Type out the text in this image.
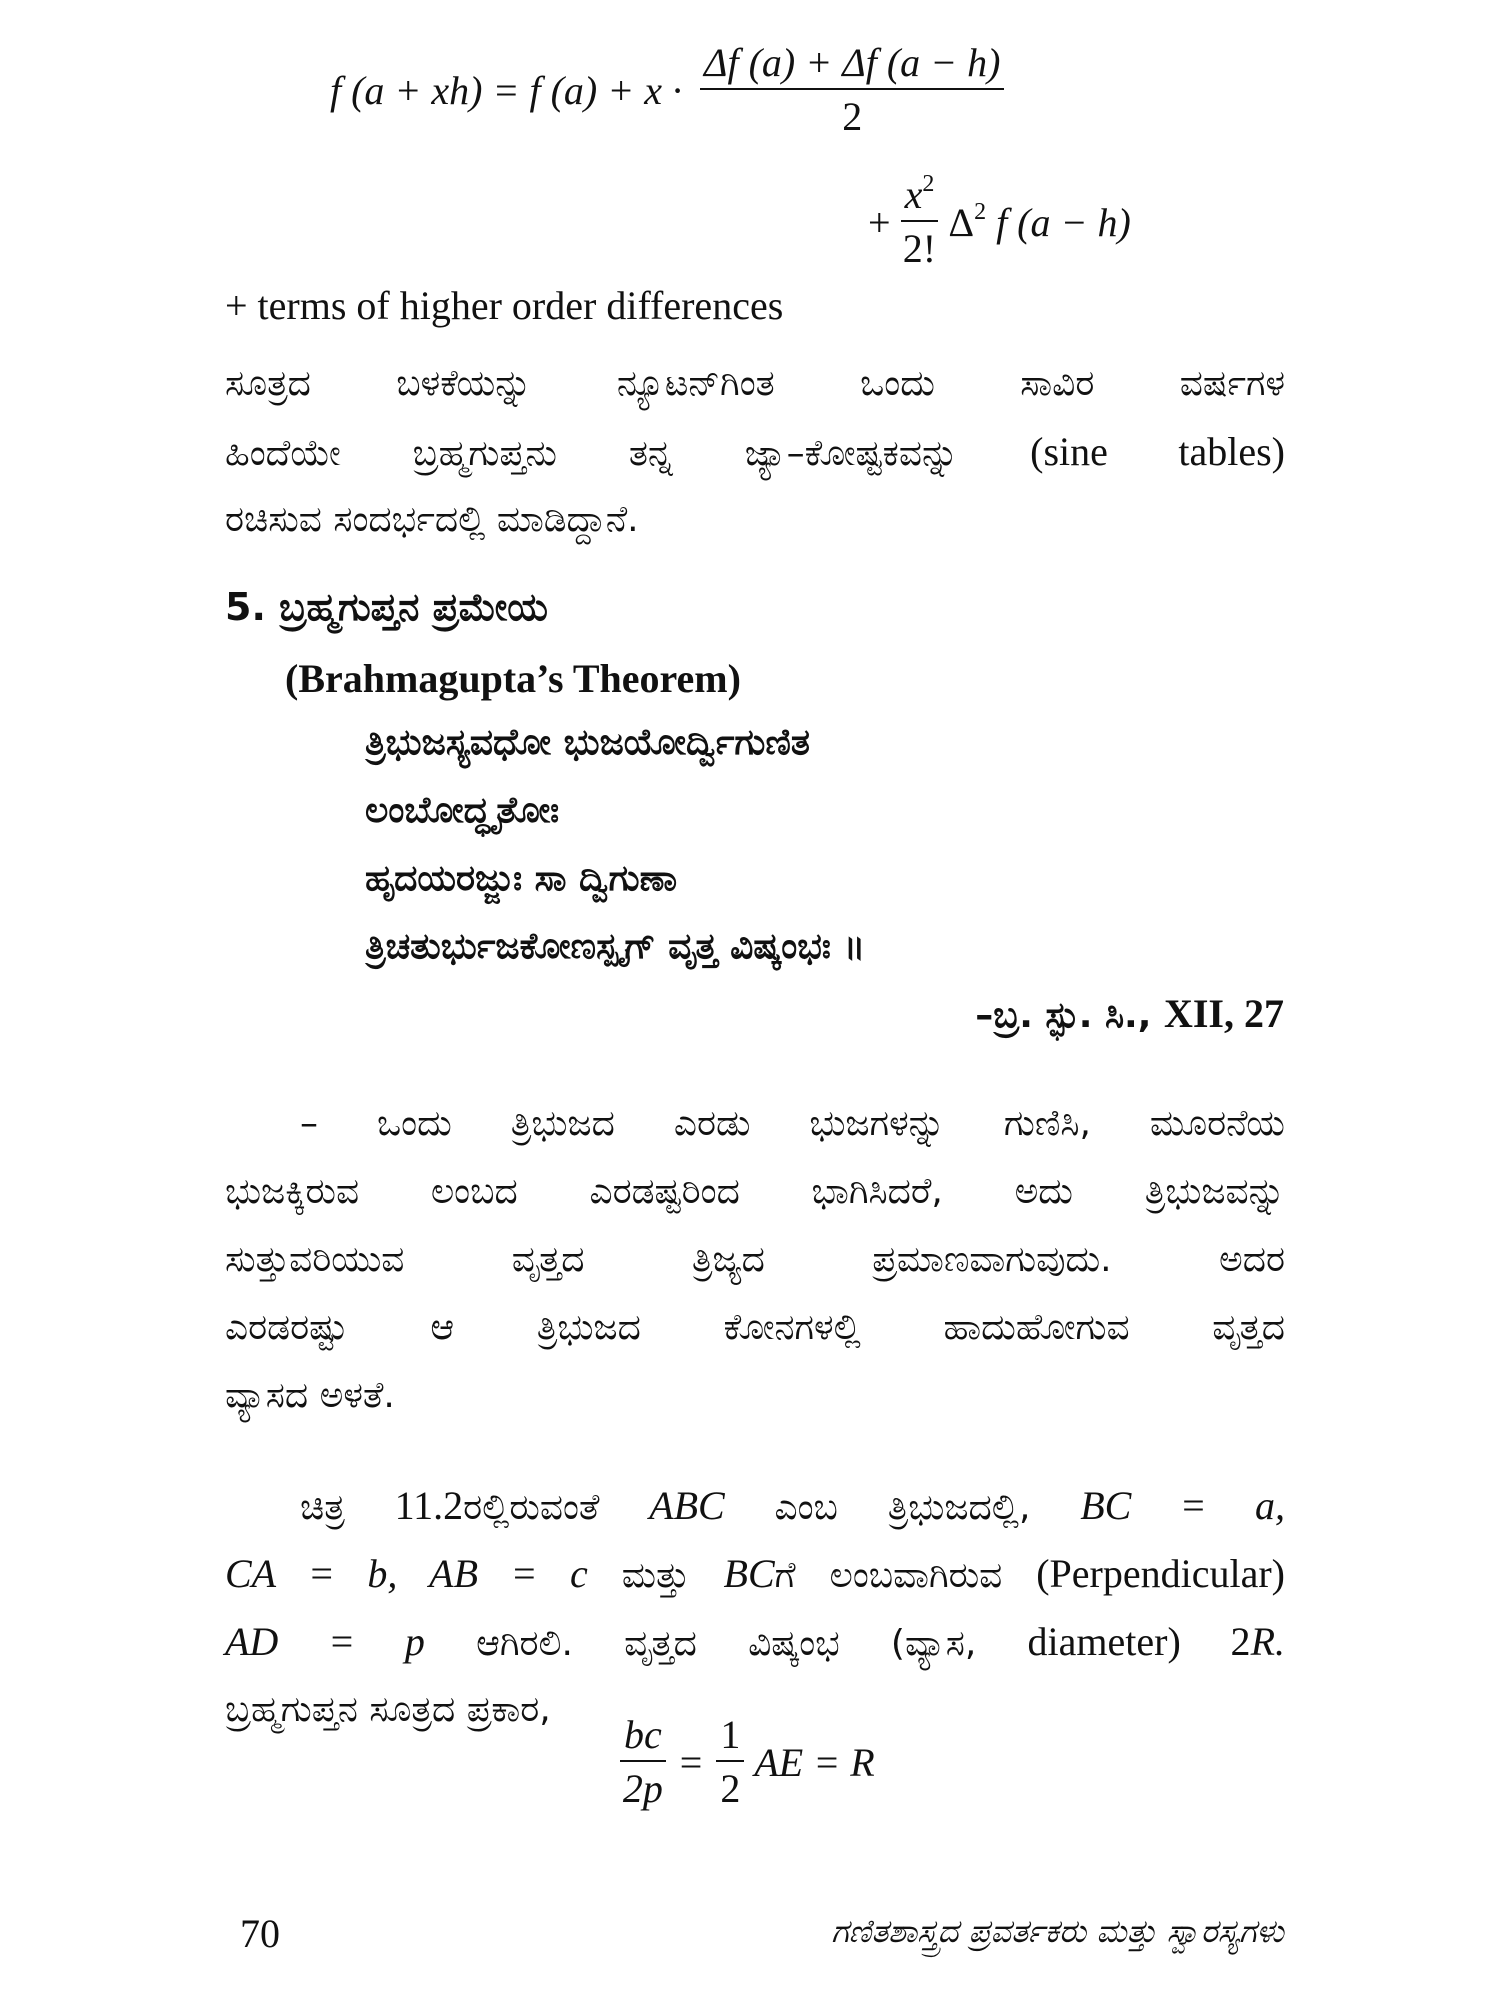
f (a + xh) = f $(a) + x \cdot \frac{\Delta f (a) + \Delta f (a - h)}{2}$
+ $\frac{x^2}{2!} \Delta^2$ f (a − h)
+ terms of higher order differences
ಸೂತ್ರದ ಬಳಕೆಯನ್ನು ನ್ಯೂಟನ್‌ಗಿಂತ ಒಂದು ಸಾವಿರ ವರ್ಷಗಳ
ಹಿಂದೆಯೇ ಬ್ರಹ್ಮಗುಪ್ತನು ತನ್ನ ಜ್ಯಾ–ಕೋಷ್ಟಕವನ್ನು (sine tables)
ರಚಿಸುವ ಸಂದರ್ಭದಲ್ಲಿ ಮಾಡಿದ್ದಾನೆ.
5. ಬ್ರಹ್ಮಗುಪ್ತನ ಪ್ರಮೇಯ
(Brahmagupta’s Theorem)
ತ್ರಿಭುಜಸ್ಯವಧೋ ಭುಜಯೋರ್ದ್ವಿಗುಣಿತ
ಲಂಬೋದ್ಧೃತೋಃ
ಹೃದಯರಜ್ಜುಃ ಸಾ ದ್ವಿಗುಣಾ
ತ್ರಿಚತುರ್ಭುಜಕೋಣಸ್ಪೃಗ್ ವೃತ್ತ ವಿಷ್ಕಂಭಃ ॥
–ಬ್ರ. ಸ್ಫು. ಸಿ., XII, 27
– ಒಂದು ತ್ರಿಭುಜದ ಎರಡು ಭುಜಗಳನ್ನು ಗುಣಿಸಿ, ಮೂರನೆಯ
ಭುಜಕ್ಕಿರುವ ಲಂಬದ ಎರಡಷ್ಟರಿಂದ ಭಾಗಿಸಿದರೆ, ಅದು ತ್ರಿಭುಜವನ್ನು
ಸುತ್ತುವರಿಯುವ ವೃತ್ತದ ತ್ರಿಜ್ಯದ ಪ್ರಮಾಣವಾಗುವುದು. ಅದರ
ಎರಡರಷ್ಟು ಆ ತ್ರಿಭುಜದ ಕೋನಗಳಲ್ಲಿ ಹಾದುಹೋಗುವ ವೃತ್ತದ
ವ್ಯಾಸದ ಅಳತೆ.
ಚಿತ್ರ 11.2ರಲ್ಲಿರುವಂತೆ ABC ಎಂಬ ತ್ರಿಭುಜದಲ್ಲಿ, BC = a,
CA = b, AB = c ಮತ್ತು BCಗೆ ಲಂಬವಾಗಿರುವ (Perpendicular)
AD = p ಆಗಿರಲಿ. ವೃತ್ತದ ವಿಷ್ಕಂಭ (ವ್ಯಾಸ, diameter) 2R.
ಬ್ರಹ್ಮಗುಪ್ತನ ಸೂತ್ರದ ಪ್ರಕಾರ,
$\frac{bc}{2p} = \frac{1}{2}$ AE = R
70	ಗಣಿತಶಾಸ್ತ್ರದ ಪ್ರವರ್ತಕರು ಮತ್ತು ಸ್ವಾರಸ್ಯಗಳು
